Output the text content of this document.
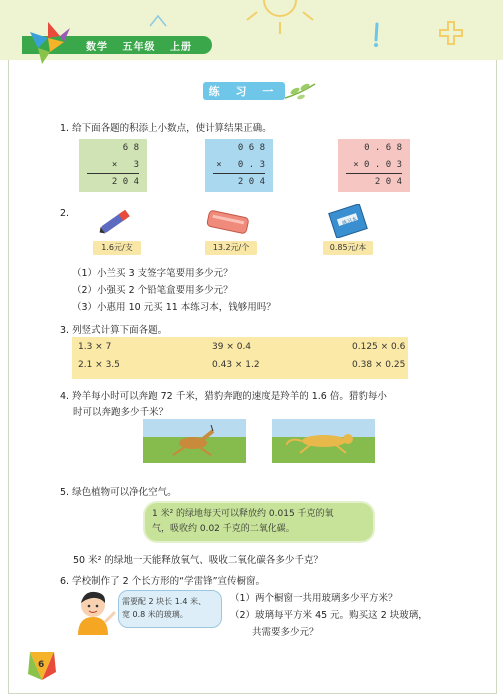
数学 五年级 上册
练 习 一
1. 给下面各题的积添上小数点，使计算结果正确。
6 8
×   3
2 0 4
0 6 8
×   0 . 3
2 0 4
0 . 6 8
× 0 . 0 3
2 0 4
2.
1.6元/支	13.2元/个
练习本
0.85元/本
（1）小兰买 3 支签字笔要用多少元？
（2）小强买 2 个铅笔盒要用多少元？
（3）小惠用 10 元买 11 本练习本，钱够用吗？
3. 列竖式计算下面各题。
1.3 × 7	39 × 0.4	0.125 × 0.6
2.1 × 3.5	0.43 × 1.2	0.38 × 0.25
4. 羚羊每小时可以奔跑 72 千米，猎豹奔跑的速度是羚羊的 1.6 倍。猎豹每小
时可以奔跑多少千米？
5. 绿色植物可以净化空气。
1 米² 的绿地每天可以释放约 0.015 千克的氧
气，吸收约 0.02 千克的二氧化碳。
50 米² 的绿地一天能释放氧气、吸收二氧化碳各多少千克？
6. 学校制作了 2 个长方形的“学雷锋”宣传橱窗。
需要配 2 块长 1.4 米、
宽 0.8 米的玻璃。
（1）两个橱窗一共用玻璃多少平方米？
（2）玻璃每平方米 45 元。购买这 2 块玻璃，
共需要多少元？
6
